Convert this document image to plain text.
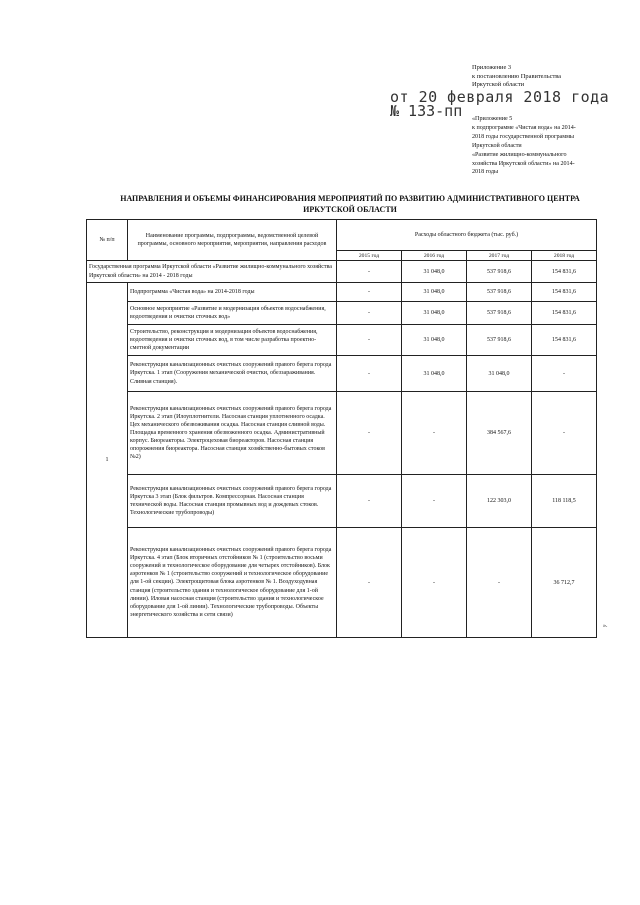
Приложение 3
к постановлению Правительства
Иркутской области
от 20 февраля 2018 года
№ 133-пп	«Приложение 5
к подпрограмме «Чистая вода» на 2014-
2018 годы государственной программы
Иркутской области
«Развитие жилищно-коммунального
хозяйства Иркутской области» на 2014-
2018 годы
НАПРАВЛЕНИЯ И ОБЪЕМЫ ФИНАНСИРОВАНИЯ МЕРОПРИЯТИЙ ПО РАЗВИТИЮ АДМИНИСТРАТИВНОГО ЦЕНТРА
ИРКУТСКОЙ ОБЛАСТИ
№ п/п	Наименование программы, подпрограммы, ведомственной целевой программы, основного мероприятия, мероприятия, направления расходов	Расходы областного бюджета (тыс. руб.)			
		2015 год	2016 год	2017 год	2018 год
Государственная программа Иркутской области «Развитие жилищно-коммунального хозяйства Иркутской области» на 2014 - 2018 годы		-	31 048,0	537 918,6	154 831,6
1	Подпрограмма «Чистая вода» на 2014-2018 годы	-	31 048,0	537 918,6	154 831,6
	Основное мероприятие «Развитие и модернизация объектов водоснабжения, водоотведения и очистки сточных вод»	-	31 048,0	537 918,6	154 831,6
	Строительство, реконструкция и модернизация объектов водоснабжения, водоотведения и очистки сточных вод, в том числе разработка проектно-сметной документации	-	31 048,0	537 918,6	154 831,6
	Реконструкция канализационных очистных сооружений правого берега города Иркутска. 1 этап (Сооружения механической очистки, обеззараживания. Сливная станция).	-	31 048,0	31 048,0	-
	Реконструкция канализационных очистных сооружений правого берега города Иркутска. 2 этап (Илоуплотнители. Насосная станция уплотненного осадка. Цех механического обезвоживания осадка. Насосная станция сливной воды. Площадка временного хранения обезвоженного осадка. Административный корпус. Биореакторы. Электроцеховая биореакторов. Насосная станция опорожнения биореактора. Насосная станция хозяйственно-бытовых стоков №2)	-	-	384 567,6	-
	Реконструкция канализационных очистных сооружений правого берега города Иркутска 3 этап (Блок фильтров. Компрессорная. Насосная станция технической воды. Насосная станция промывных вод и дождевых стоков. Технологические трубопроводы)	-	-	122 303,0	118 118,5
	Реконструкция канализационных очистных сооружений правого берега города Иркутска. 4 этап (Блок вторичных отстойников № 1 (строительство восьми сооружений и технологическое оборудование для четырех отстойников). Блок аэротенков № 1 (строительство сооружений и технологическое оборудование для 1-ой секции). Электрощитовая блока аэротенков № 1. Воздуходувная станция (строительство здания и технологическое оборудование для 1-ой линии). Иловая насосная станция (строительство здания и технологическое оборудование для 1-ой линии). Технологические трубопроводы. Объекты энергетического хозяйства и сети связи)	-	-	-	36 712,7
».
